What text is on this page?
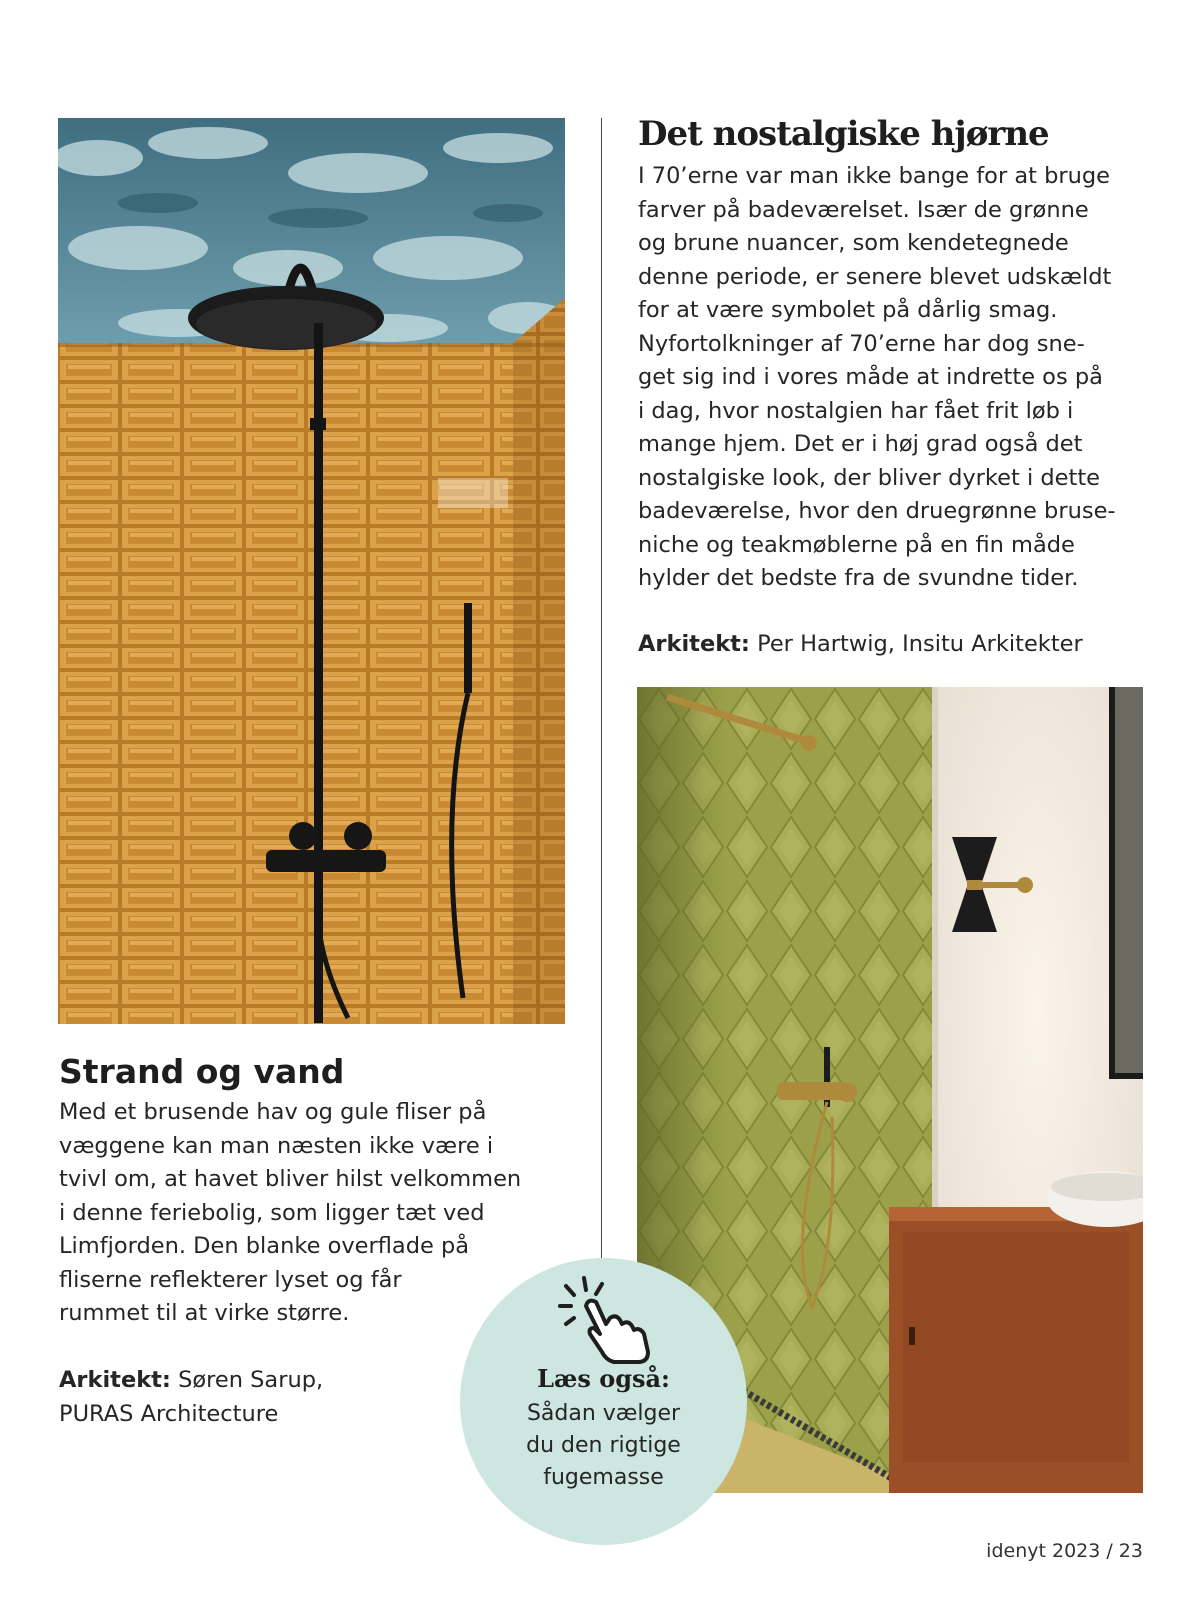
Det nostalgiske hjørne

I 70’erne var man ikke bange for at bruge
farver på badeværelset. Især de grønne
og brune nuancer, som kendetegnede
denne periode, er senere blevet udskældt
for at være symbolet på dårlig smag.
Nyfortolkninger af 70’erne har dog sne-
get sig ind i vores måde at indrette os på
i dag, hvor nostalgien har fået frit løb i
mange hjem. Det er i høj grad også det
nostalgiske look, der bliver dyrket i dette
badeværelse, hvor den druegrønne bruse-
niche og teakmøblerne på en fin måde
hylder det bedste fra de svundne tider.

Arkitekt: Per Hartwig, Insitu Arkitekter

Strand og vand

Med et brusende hav og gule fliser på
væggene kan man næsten ikke være i
tvivl om, at havet bliver hilst velkommen
i denne feriebolig, som ligger tæt ved
Limfjorden. Den blanke overflade på
fliserne reflekterer lyset og får
rummet til at virke større.

Arkitekt: Søren Sarup,
PURAS Architecture

Læs også:
Sådan vælger
du den rigtige
fugemasse
idenyt 2023 / 23
